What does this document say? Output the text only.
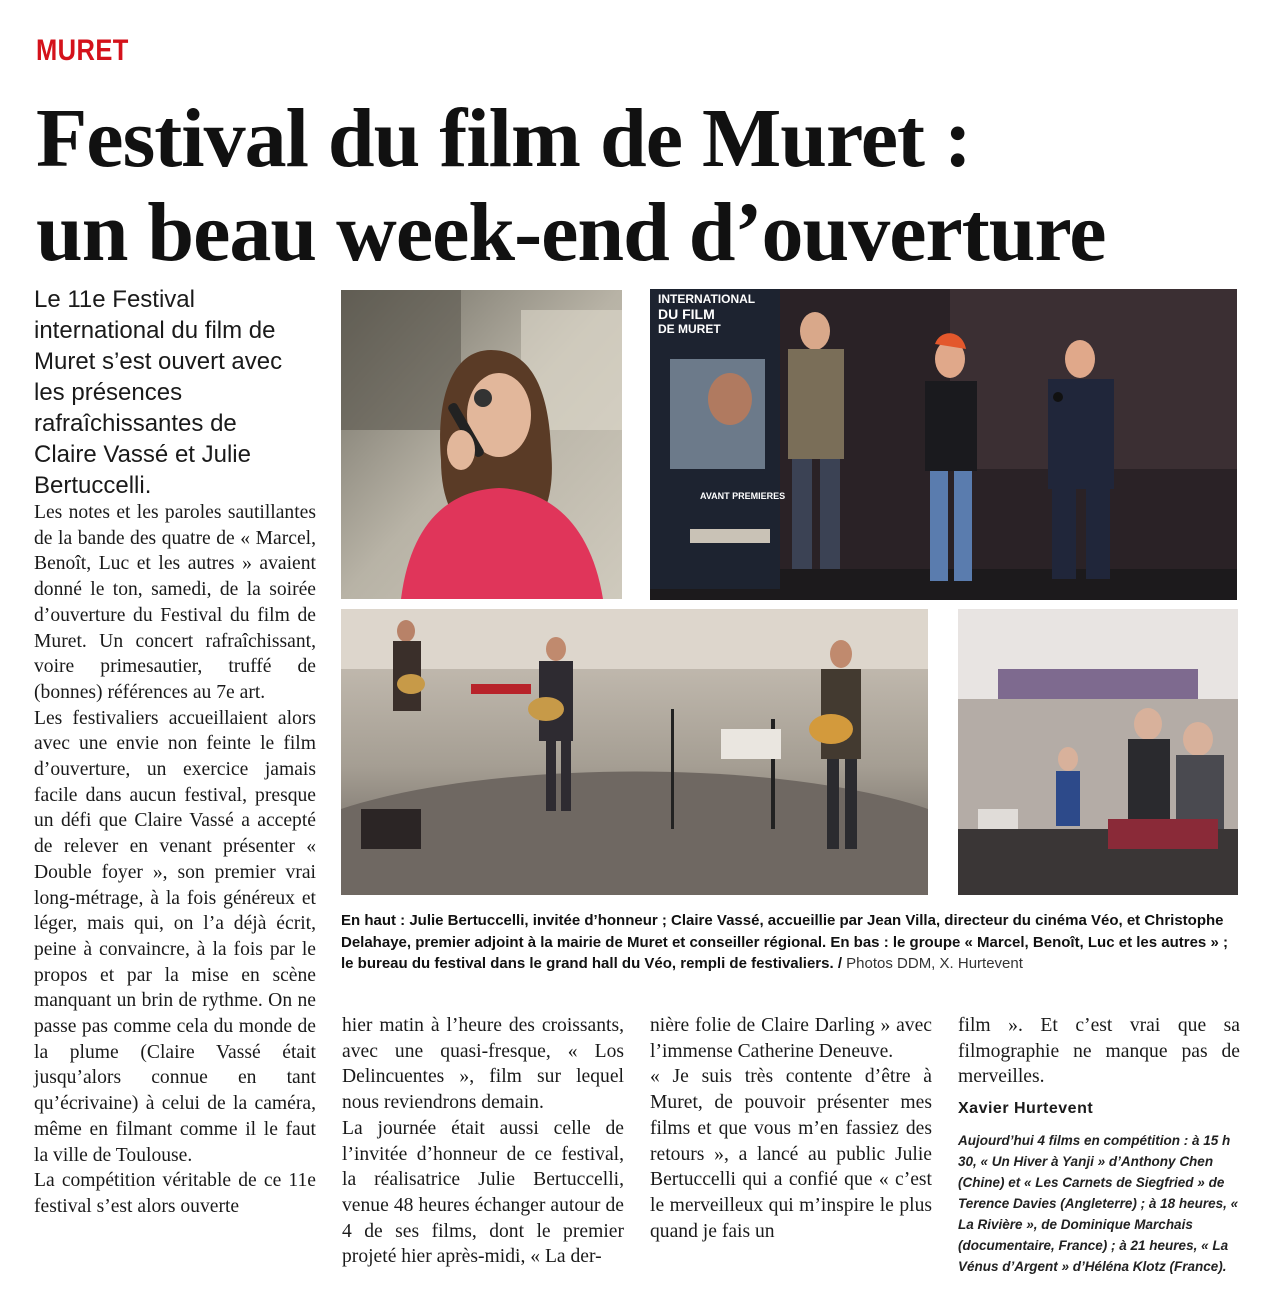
MURET
Festival du film de Muret :
un beau week-end d’ouverture
Le 11e Festival international du film de Muret s’est ouvert avec les présences rafraîchissantes de Claire Vassé et Julie Bertuccelli.
INTERNATIONAL
DU FILM
DE MURET
AVANT PREMIERES
En haut : Julie Bertuccelli, invitée d’honneur ; Claire Vassé, accueillie par Jean Villa, directeur du cinéma Véo, et Christophe Delahaye, premier adjoint à la mairie de Muret et conseiller régional. En bas : le groupe « Marcel, Benoît, Luc et les autres » ; le bureau du festival dans le grand hall du Véo, rempli de festivaliers. / Photos DDM, X. Hurtevent

Les notes et les paroles sautillantes de la bande des quatre de « Marcel, Benoît, Luc et les autres » avaient donné le ton, samedi, de la soirée d’ouverture du Festival du film de Muret. Un concert rafraîchissant, voire primesautier, truffé de (bonnes) références au 7e art.

Les festivaliers accueillaient alors avec une envie non feinte le film d’ouverture, un exercice jamais facile dans aucun festival, presque un défi que Claire Vassé a accepté de relever en venant présenter « Double foyer », son premier vrai long-métrage, à la fois généreux et léger, mais qui, on l’a déjà écrit, peine à convaincre, à la fois par le propos et par la mise en scène manquant un brin de rythme. On ne passe pas comme cela du monde de la plume (Claire Vassé était jusqu’alors connue en tant qu’écrivaine) à celui de la caméra, même en filmant comme il le faut la ville de Toulouse.

La compétition véritable de ce 11e festival s’est alors ouverte

hier matin à l’heure des croissants, avec une quasi-fresque, « Los Delincuentes », film sur lequel nous reviendrons demain.

La journée était aussi celle de l’invitée d’honneur de ce festival, la réalisatrice Julie Bertuccelli, venue 48 heures échanger autour de 4 de ses films, dont le premier projeté hier après-midi, « La der-

nière folie de Claire Darling » avec l’immense Catherine Deneuve.

« Je suis très contente d’être à Muret, de pouvoir présenter mes films et que vous m’en fassiez des retours », a lancé au public Julie Bertuccelli qui a confié que « c’est le merveilleux qui m’inspire le plus quand je fais un

film ». Et c’est vrai que sa filmographie ne manque pas de merveilles.

Xavier Hurtevent

Aujourd’hui 4 films en compétition : à 15 h 30, « Un Hiver à Yanji » d’Anthony Chen (Chine) et « Les Carnets de Siegfried » de Terence Davies (Angleterre) ; à 18 heures, « La Rivière », de Dominique Marchais (documentaire, France) ; à 21 heures, « La Vénus d’Argent » d’Héléna Klotz (France).
